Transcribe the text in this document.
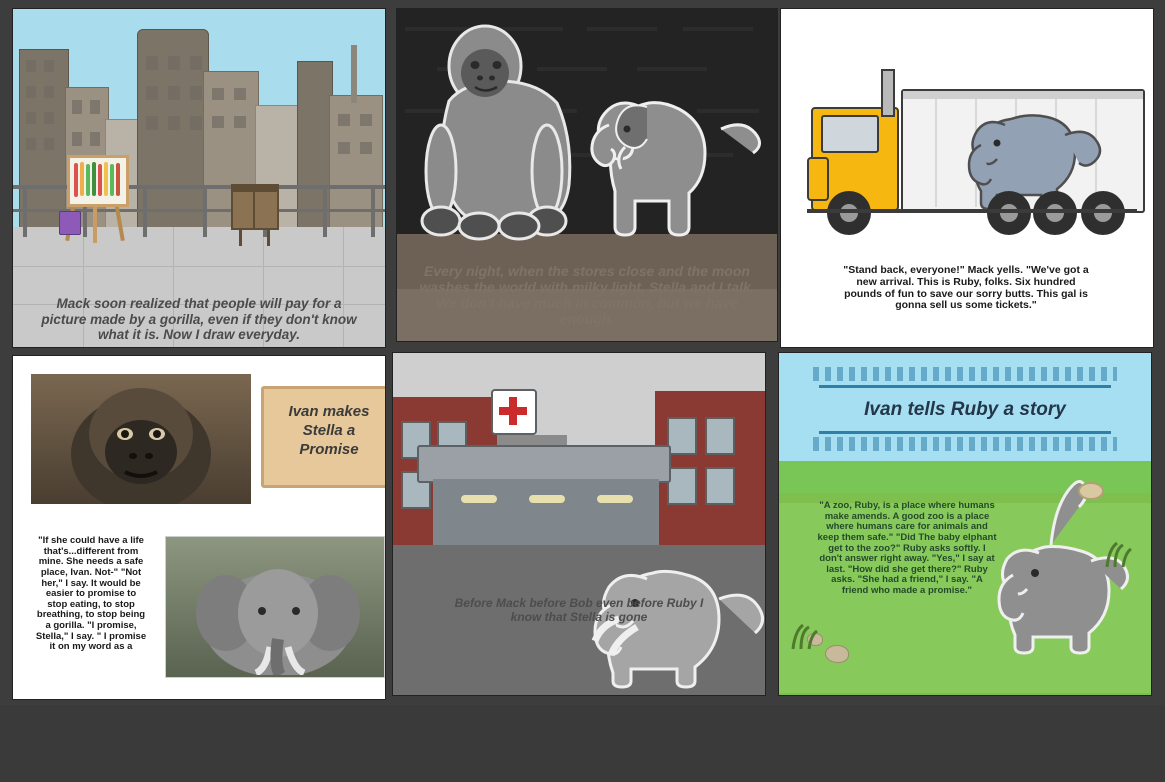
Mack soon realized that people will pay for a picture made by a gorilla, even if they don't know what it is. Now I draw everyday.
Every night, when the stores close and the moon washes the world with milky light, Stella and I talk. We don't have much in common, but we have enough.
"Stand back, everyone!" Mack yells. "We've got a new arrival. This is Ruby, folks. Six hundred pounds of fun to save our sorry butts. This gal is gonna sell us some tickets."
Ivan makes Stella a Promise
"If she could have a life that's...different from mine. She needs a safe place, Ivan. Not-" "Not her," I say. It would be easier to promise to stop eating, to stop breathing, to stop being a gorilla. "I promise, Stella," I say. " I promise it on my word as a
Before Mack before Bob even before Ruby I know that Stella is gone
Ivan tells Ruby a story
"A zoo, Ruby, is a place where humans make amends. A good zoo is a place where humans care for animals and keep them safe." "Did The baby elphant get to the zoo?" Ruby asks softly. I don't answer right away. "Yes," I say at last. "How did she get there?" Ruby asks. "She had a friend," I say. "A friend who made a promise."
